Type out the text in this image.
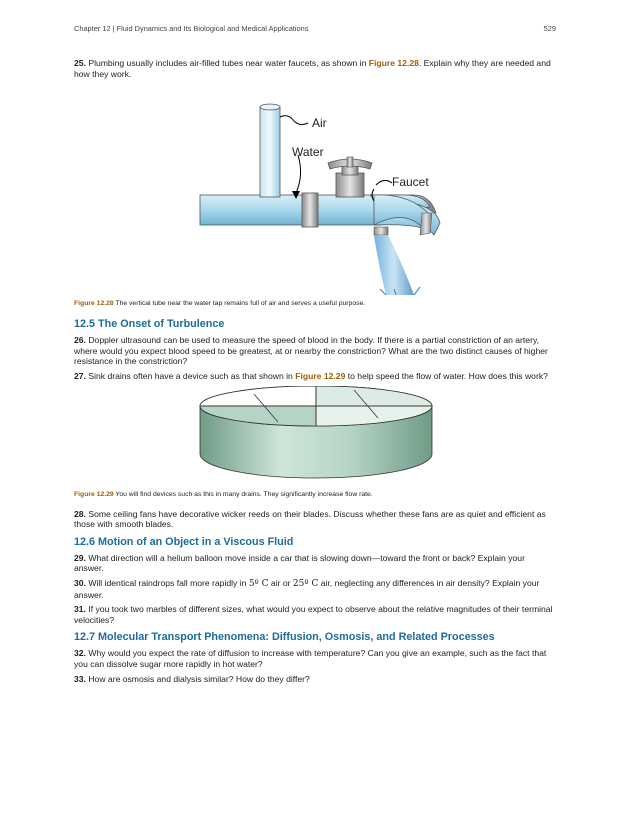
Chapter 12 | Fluid Dynamics and Its Biological and Medical Applications	529

25. Plumbing usually includes air-filled tubes near water faucets, as shown in Figure 12.28. Explain why they are needed and how they work.

Air
Water
Faucet

Figure 12.28 The vertical tube near the water tap remains full of air and serves a useful purpose.

12.5 The Onset of Turbulence

26. Doppler ultrasound can be used to measure the speed of blood in the body. If there is a partial constriction of an artery, where would you expect blood speed to be greatest, at or nearby the constriction? What are the two distinct causes of higher resistance in the constriction?

27. Sink drains often have a device such as that shown in Figure 12.29 to help speed the flow of water. How does this work?

Figure 12.29 You will find devices such as this in many drains. They significantly increase flow rate.

28. Some ceiling fans have decorative wicker reeds on their blades. Discuss whether these fans are as quiet and efficient as those with smooth blades.

12.6 Motion of an Object in a Viscous Fluid

29. What direction will a helium balloon move inside a car that is slowing down—toward the front or back? Explain your answer.

30. Will identical raindrops fall more rapidly in 5º C air or 25º C air, neglecting any differences in air density? Explain your answer.

31. If you took two marbles of different sizes, what would you expect to observe about the relative magnitudes of their terminal velocities?

12.7 Molecular Transport Phenomena: Diffusion, Osmosis, and Related Processes

32. Why would you expect the rate of diffusion to increase with temperature? Can you give an example, such as the fact that you can dissolve sugar more rapidly in hot water?

33. How are osmosis and dialysis similar? How do they differ?
